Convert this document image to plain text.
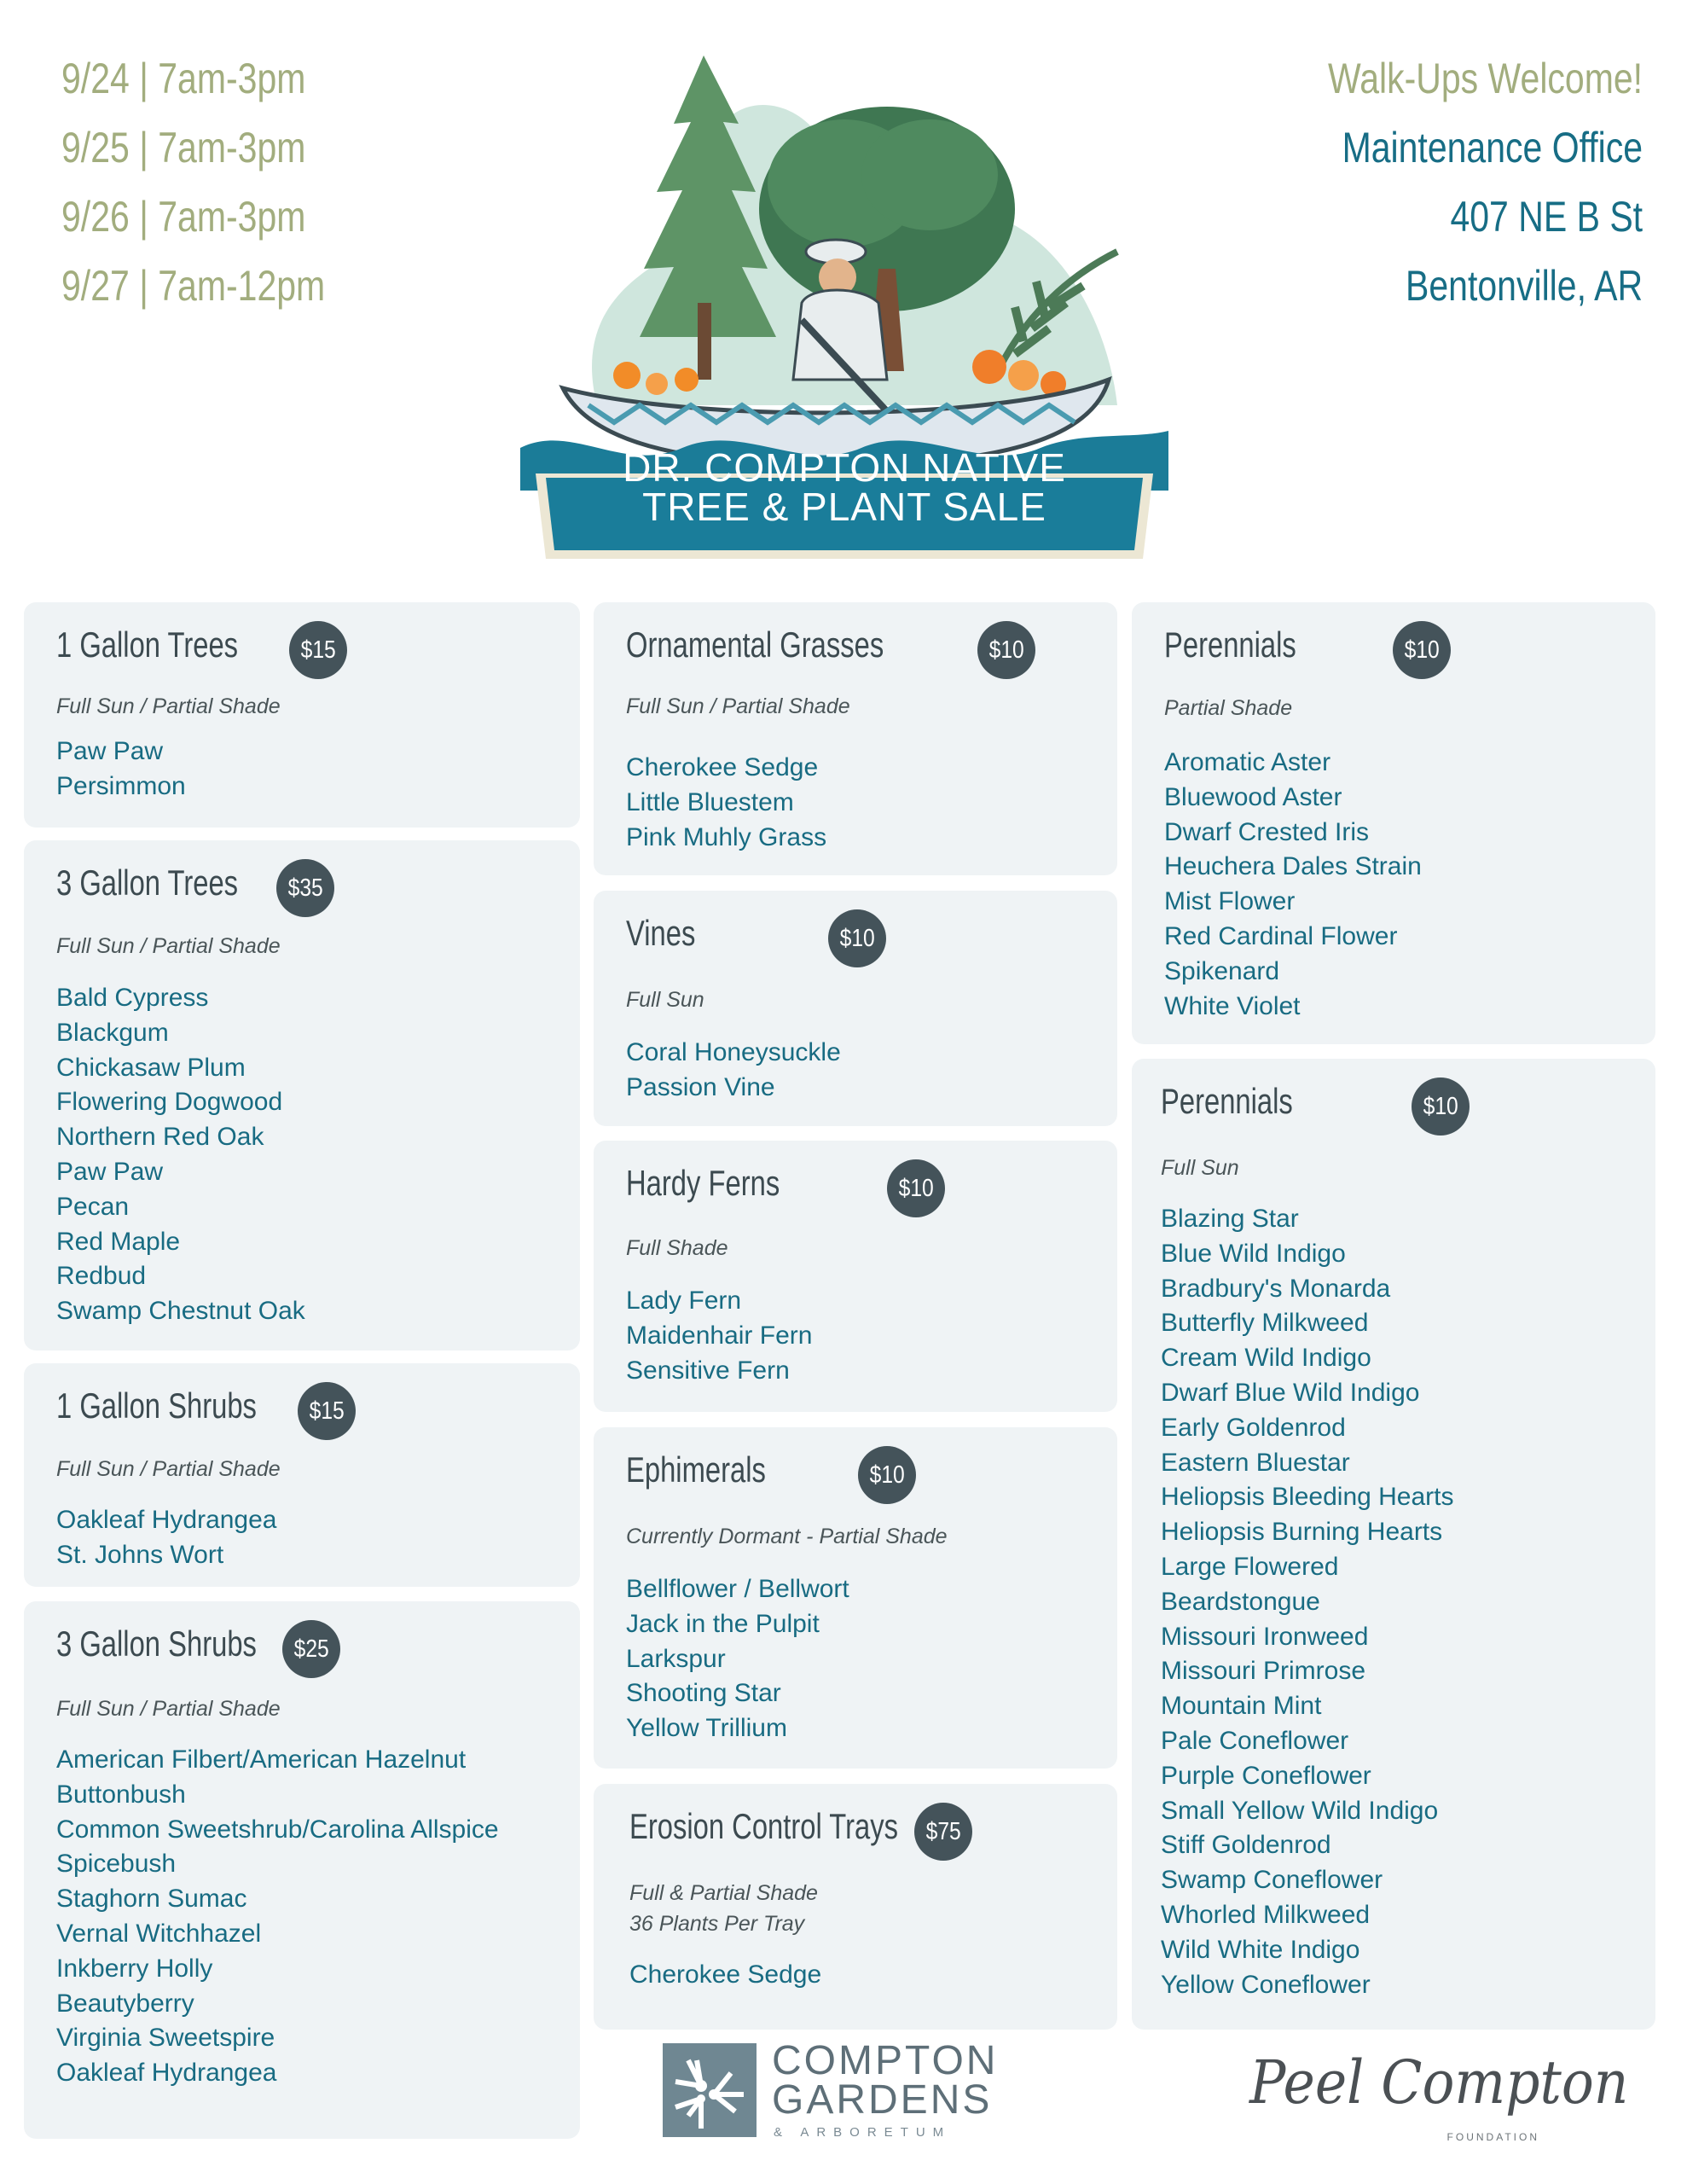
9/24 | 7am-3pm
9/25 | 7am-3pm
9/26 | 7am-3pm
9/27 | 7am-12pm
Walk-Ups Welcome!
Maintenance Office
407 NE B St
Bentonville, AR
DR. COMPTON NATIVE
TREE & PLANT SALE
1 Gallon Trees	$15
Full Sun / Partial Shade
Paw Paw
Persimmon
3 Gallon Trees	$35
Full Sun / Partial Shade
Bald Cypress
Blackgum
Chickasaw Plum
Flowering Dogwood
Northern Red Oak
Paw Paw
Pecan
Red Maple
Redbud
Swamp Chestnut Oak
1 Gallon Shrubs	$15
Full Sun / Partial Shade
Oakleaf Hydrangea
St. Johns Wort
3 Gallon Shrubs	$25
Full Sun / Partial Shade
American Filbert/American Hazelnut
Buttonbush
Common Sweetshrub/Carolina Allspice
Spicebush
Staghorn Sumac
Vernal Witchhazel
Inkberry Holly
Beautyberry
Virginia Sweetspire
Oakleaf Hydrangea
Ornamental Grasses	$10
Full Sun / Partial Shade
Cherokee Sedge
Little Bluestem
Pink Muhly Grass
Vines	$10
Full Sun
Coral Honeysuckle
Passion Vine
Hardy Ferns	$10
Full Shade
Lady Fern
Maidenhair Fern
Sensitive Fern
Ephimerals	$10
Currently Dormant - Partial Shade
Bellflower / Bellwort
Jack in the Pulpit
Larkspur
Shooting Star
Yellow Trillium
Erosion Control Trays	$75
Full & Partial Shade
36 Plants Per Tray
Cherokee Sedge
Perennials	$10
Partial Shade
Aromatic Aster
Bluewood Aster
Dwarf Crested Iris
Heuchera Dales Strain
Mist Flower
Red Cardinal Flower
Spikenard
White Violet
Perennials	$10
Full Sun
Blazing Star
Blue Wild Indigo
Bradbury's Monarda
Butterfly Milkweed
Cream Wild Indigo
Dwarf Blue Wild Indigo
Early Goldenrod
Eastern Bluestar
Heliopsis Bleeding Hearts
Heliopsis Burning Hearts
Large Flowered
Beardstongue
Missouri Ironweed
Missouri Primrose
Mountain Mint
Pale Coneflower
Purple Coneflower
Small Yellow Wild Indigo
Stiff Goldenrod
Swamp Coneflower
Whorled Milkweed
Wild White Indigo
Yellow Coneflower
COMPTON
GARDENS
& ARBORETUM
Peel Compton
FOUNDATION
